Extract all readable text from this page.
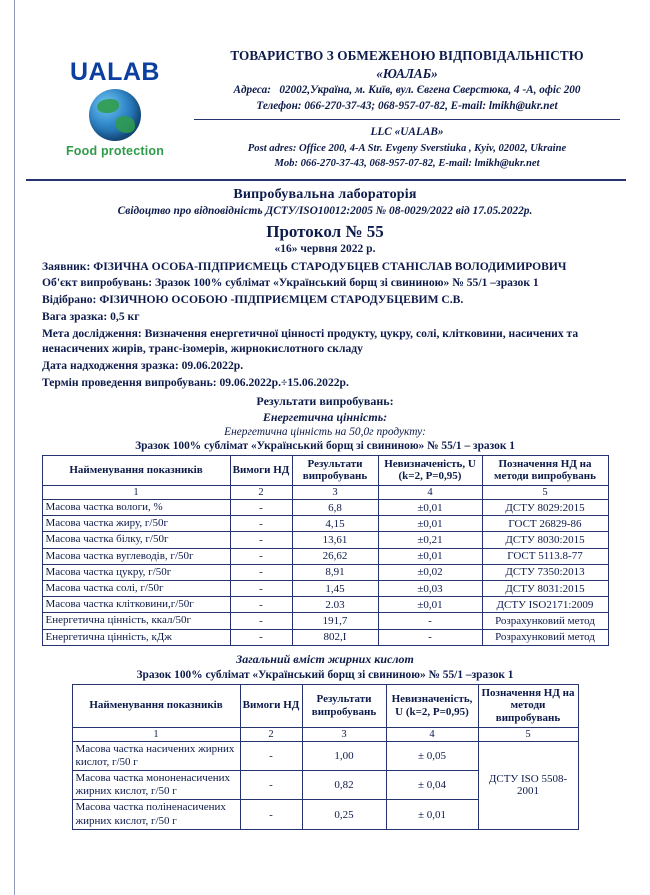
UALAB
Food protection
ТОВАРИСТВО З ОБМЕЖЕНОЮ ВІДПОВІДАЛЬНІСТЮ
«ЮАЛАБ»
Адреса: 02002,Україна, м. Київ, вул. Євгена Сверстюка, 4 -А, офіс 200
Телефон: 066-270-37-43; 068-957-07-82, E-mail: lmikh@ukr.net
LLC «UALAB»
Post adres: Office 200, 4-A Str. Evgeny Sverstiuka , Kyiv, 02002, Ukraine
Mob: 066-270-37-43, 068-957-07-82, E-mail: lmikh@ukr.net
Випробувальна лабораторія
Свідоцтво про відповідність ДСТУ/ISO10012:2005 № 08-0029/2022 від 17.05.2022р.
Протокол № 55
«16» червня 2022 р.
Заявник: ФІЗИЧНА ОСОБА-ПІДПРИЄМЕЦЬ СТАРОДУБЦЕВ СТАНІСЛАВ ВОЛОДИМИРОВИЧ
Об'єкт випробувань: Зразок 100% сублімат «Український борщ зі свининою» № 55/1 –зразок 1
Відібрано: ФІЗИЧНОЮ ОСОБОЮ -ПІДПРИЄМЦЕМ СТАРОДУБЦЕВИМ С.В.
Вага зразка: 0,5 кг
Мета дослідження: Визначення енергетичної цінності продукту, цукру, солі, клітковини, насичених та ненасичених жирів, транс-ізомерів, жирнокислотного складу
Дата надходження зразка: 09.06.2022р.
Термін проведення випробувань: 09.06.2022р.÷15.06.2022р.
Результати випробувань:
Енергетична цінність:
Енергетична цінність на 50,0г продукту:
Зразок 100% сублімат «Український борщ зі свининою» № 55/1 – зразок 1
Найменування показників	Вимоги НД	Результати випробувань	Невизначеність, U (k=2, P=0,95)	Позначення НД на методи випробувань
1	2	3	4	5
Масова частка вологи, %	-	6,8	±0,01	ДСТУ 8029:2015
Масова частка жиру, г/50г	-	4,15	±0,01	ГОСТ 26829-86
Масова частка білку, г/50г	-	13,61	±0,21	ДСТУ 8030:2015
Масова частка вуглеводів, г/50г	-	26,62	±0,01	ГОСТ 5113.8-77
Масова частка цукру, г/50г	-	8,91	±0,02	ДСТУ 7350:2013
Масова частка солі, г/50г	-	1,45	±0,03	ДСТУ 8031:2015
Масова частка клітковини,г/50г	-	2.03	±0,01	ДСТУ ISO2171:2009
Енергетична цінність, ккал/50г	-	191,7	-	Розрахунковий метод
Енергетична цінність, кДж	-	802,I	-	Розрахунковий метод
Загальний вміст жирних кислот
Зразок 100% сублімат «Український борщ зі свининою» № 55/1 –зразок 1
Найменування показників	Вимоги НД	Результати випробувань	Невизначеність, U (k=2, P=0,95)	Позначення НД на методи випробувань
1	2	3	4	5
Масова частка насичених жирних кислот, г/50 г	-	1,00	± 0,05	ДСТУ ISO 5508-2001
Масова частка мононенасичених жирних кислот, г/50 г	-	0,82	± 0,04	
Масова частка поліненасичених жирних кислот, г/50 г	-	0,25	± 0,01	
